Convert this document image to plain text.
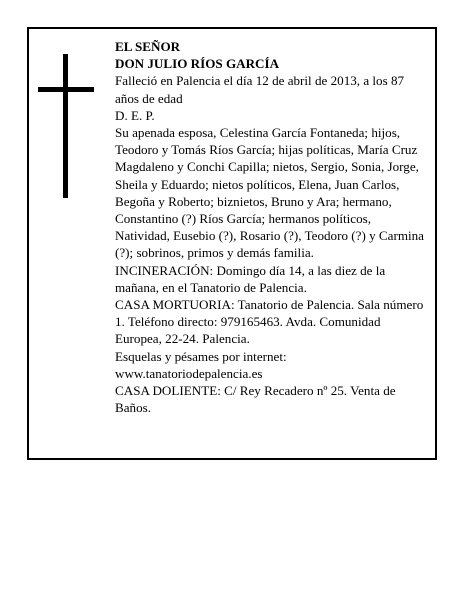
EL SEÑOR
DON JULIO RÍOS GARCÍA
Falleció en Palencia el día 12 de abril de 2013, a los 87 años de edad
D. E. P.
Su apenada esposa, Celestina García Fontaneda; hijos, Teodoro y Tomás Ríos García; hijas políticas, María Cruz Magdaleno y Conchi Capilla; nietos, Sergio, Sonia, Jorge, Sheila y Eduardo; nietos políticos, Elena, Juan Carlos, Begoña y Roberto; biznietos, Bruno y Ara; hermano, Constantino (?) Ríos García; hermanos políticos, Natividad, Eusebio (?), Rosario (?), Teodoro (?) y Carmina (?); sobrinos, primos y demás familia.
INCINERACIÓN: Domingo día 14, a las diez de la mañana, en el Tanatorio de Palencia.
CASA MORTUORIA: Tanatorio de Palencia. Sala número 1. Teléfono directo: 979165463. Avda. Comunidad Europea, 22-24. Palencia.
Esquelas y pésames por internet: www.tanatoriodepalencia.es
CASA DOLIENTE: C/ Rey Recadero nº 25. Venta de Baños.
